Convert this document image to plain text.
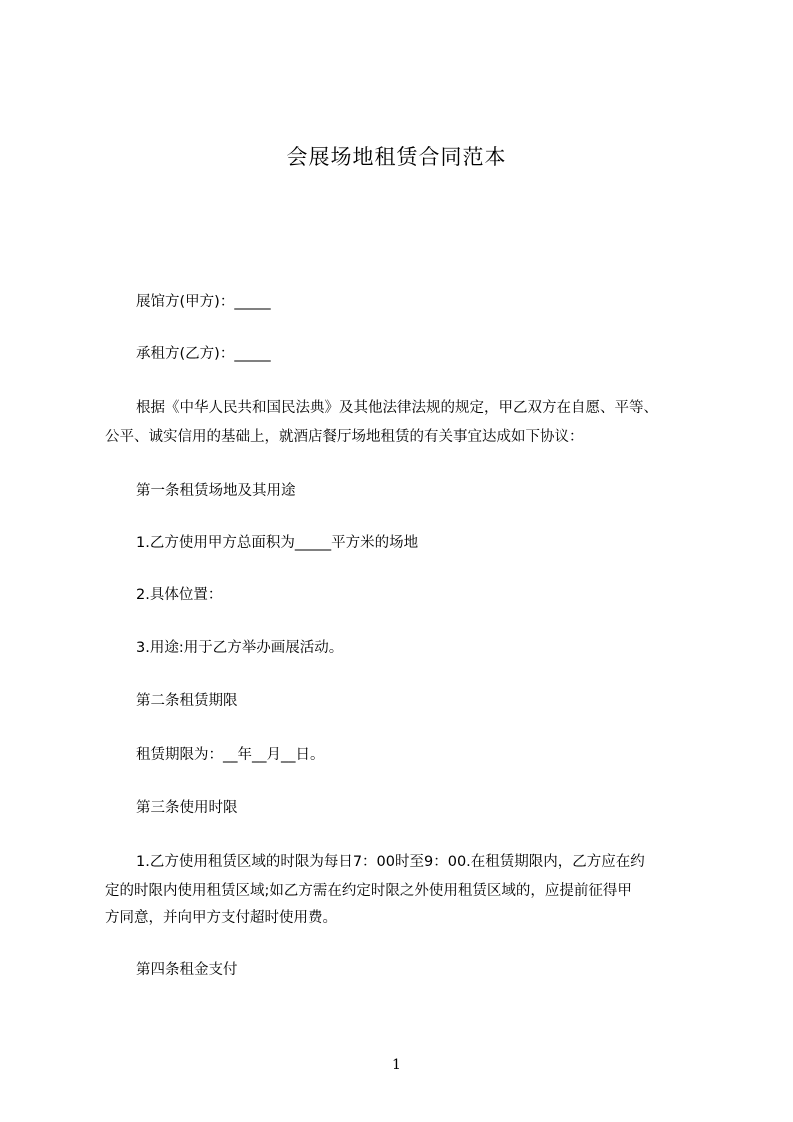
会展场地租赁合同范本
展馆方(甲方)：_____
承租方(乙方)：_____
根据《中华人民共和国民法典》及其他法律法规的规定，甲乙双方在自愿、平等、
公平、诚实信用的基础上，就酒店餐厅场地租赁的有关事宜达成如下协议：
第一条租赁场地及其用途
1.乙方使用甲方总面积为_____平方米的场地
2.具体位置：
3.用途:用于乙方举办画展活动。
第二条租赁期限
租赁期限为：__年__月__日。
第三条使用时限
1.乙方使用租赁区域的时限为每日7：00时至9：00.在租赁期限内，乙方应在约
定的时限内使用租赁区域;如乙方需在约定时限之外使用租赁区域的，应提前征得甲
方同意，并向甲方支付超时使用费。
第四条租金支付
1
